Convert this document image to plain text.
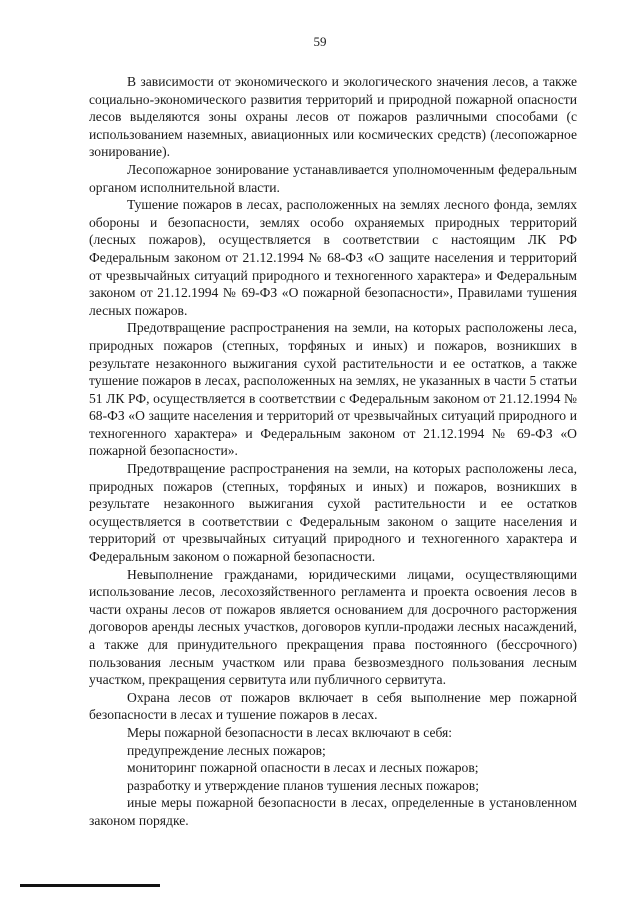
59

В зависимости от экономического и экологического значения лесов, а также социально-экономического развития территорий и природной пожарной опасности лесов выделяются зоны охраны лесов от пожаров различными способами (с использованием наземных, авиационных или космических средств) (лесопожарное зонирование).

Лесопожарное зонирование устанавливается уполномоченным федеральным органом исполнительной власти.

Тушение пожаров в лесах, расположенных на землях лесного фонда, землях обороны и безопасности, землях особо охраняемых природных территорий (лесных пожаров), осуществляется в соответствии с настоящим ЛК РФ Федеральным законом от 21.12.1994 № 68-ФЗ «О защите населения и территорий от чрезвычайных ситуаций природного и техногенного характера» и Федеральным законом от 21.12.1994 № 69-ФЗ «О пожарной безопасности», Правилами тушения лесных пожаров.

Предотвращение распространения на земли, на которых расположены леса, природных пожаров (степных, торфяных и иных) и пожаров, возникших в результате незаконного выжигания сухой растительности и ее остатков, а также тушение пожаров в лесах, расположенных на землях, не указанных в части 5 статьи 51 ЛК РФ, осуществляется в соответствии с Федеральным законом от 21.12.1994 № 68-ФЗ «О защите населения и территорий от чрезвычайных ситуаций природного и техногенного характера» и Федеральным законом от 21.12.1994 № 69-ФЗ «О пожарной безопасности».

Предотвращение распространения на земли, на которых расположены леса, природных пожаров (степных, торфяных и иных) и пожаров, возникших в результате незаконного выжигания сухой растительности и ее остатков осуществляется в соответствии с Федеральным законом о защите населения и территорий от чрезвычайных ситуаций природного и техногенного характера и Федеральным законом о пожарной безопасности.

Невыполнение гражданами, юридическими лицами, осуществляющими использование лесов, лесохозяйственного регламента и проекта освоения лесов в части охраны лесов от пожаров является основанием для досрочного расторжения договоров аренды лесных участков, договоров купли-продажи лесных насаждений, а также для принудительного прекращения права постоянного (бессрочного) пользования лесным участком или права безвозмездного пользования лесным участком, прекращения сервитута или публичного сервитута.

Охрана лесов от пожаров включает в себя выполнение мер пожарной безопасности в лесах и тушение пожаров в лесах.

Меры пожарной безопасности в лесах включают в себя:

предупреждение лесных пожаров;

мониторинг пожарной опасности в лесах и лесных пожаров;

разработку и утверждение планов тушения лесных пожаров;

иные меры пожарной безопасности в лесах, определенные в установленном законом порядке.
